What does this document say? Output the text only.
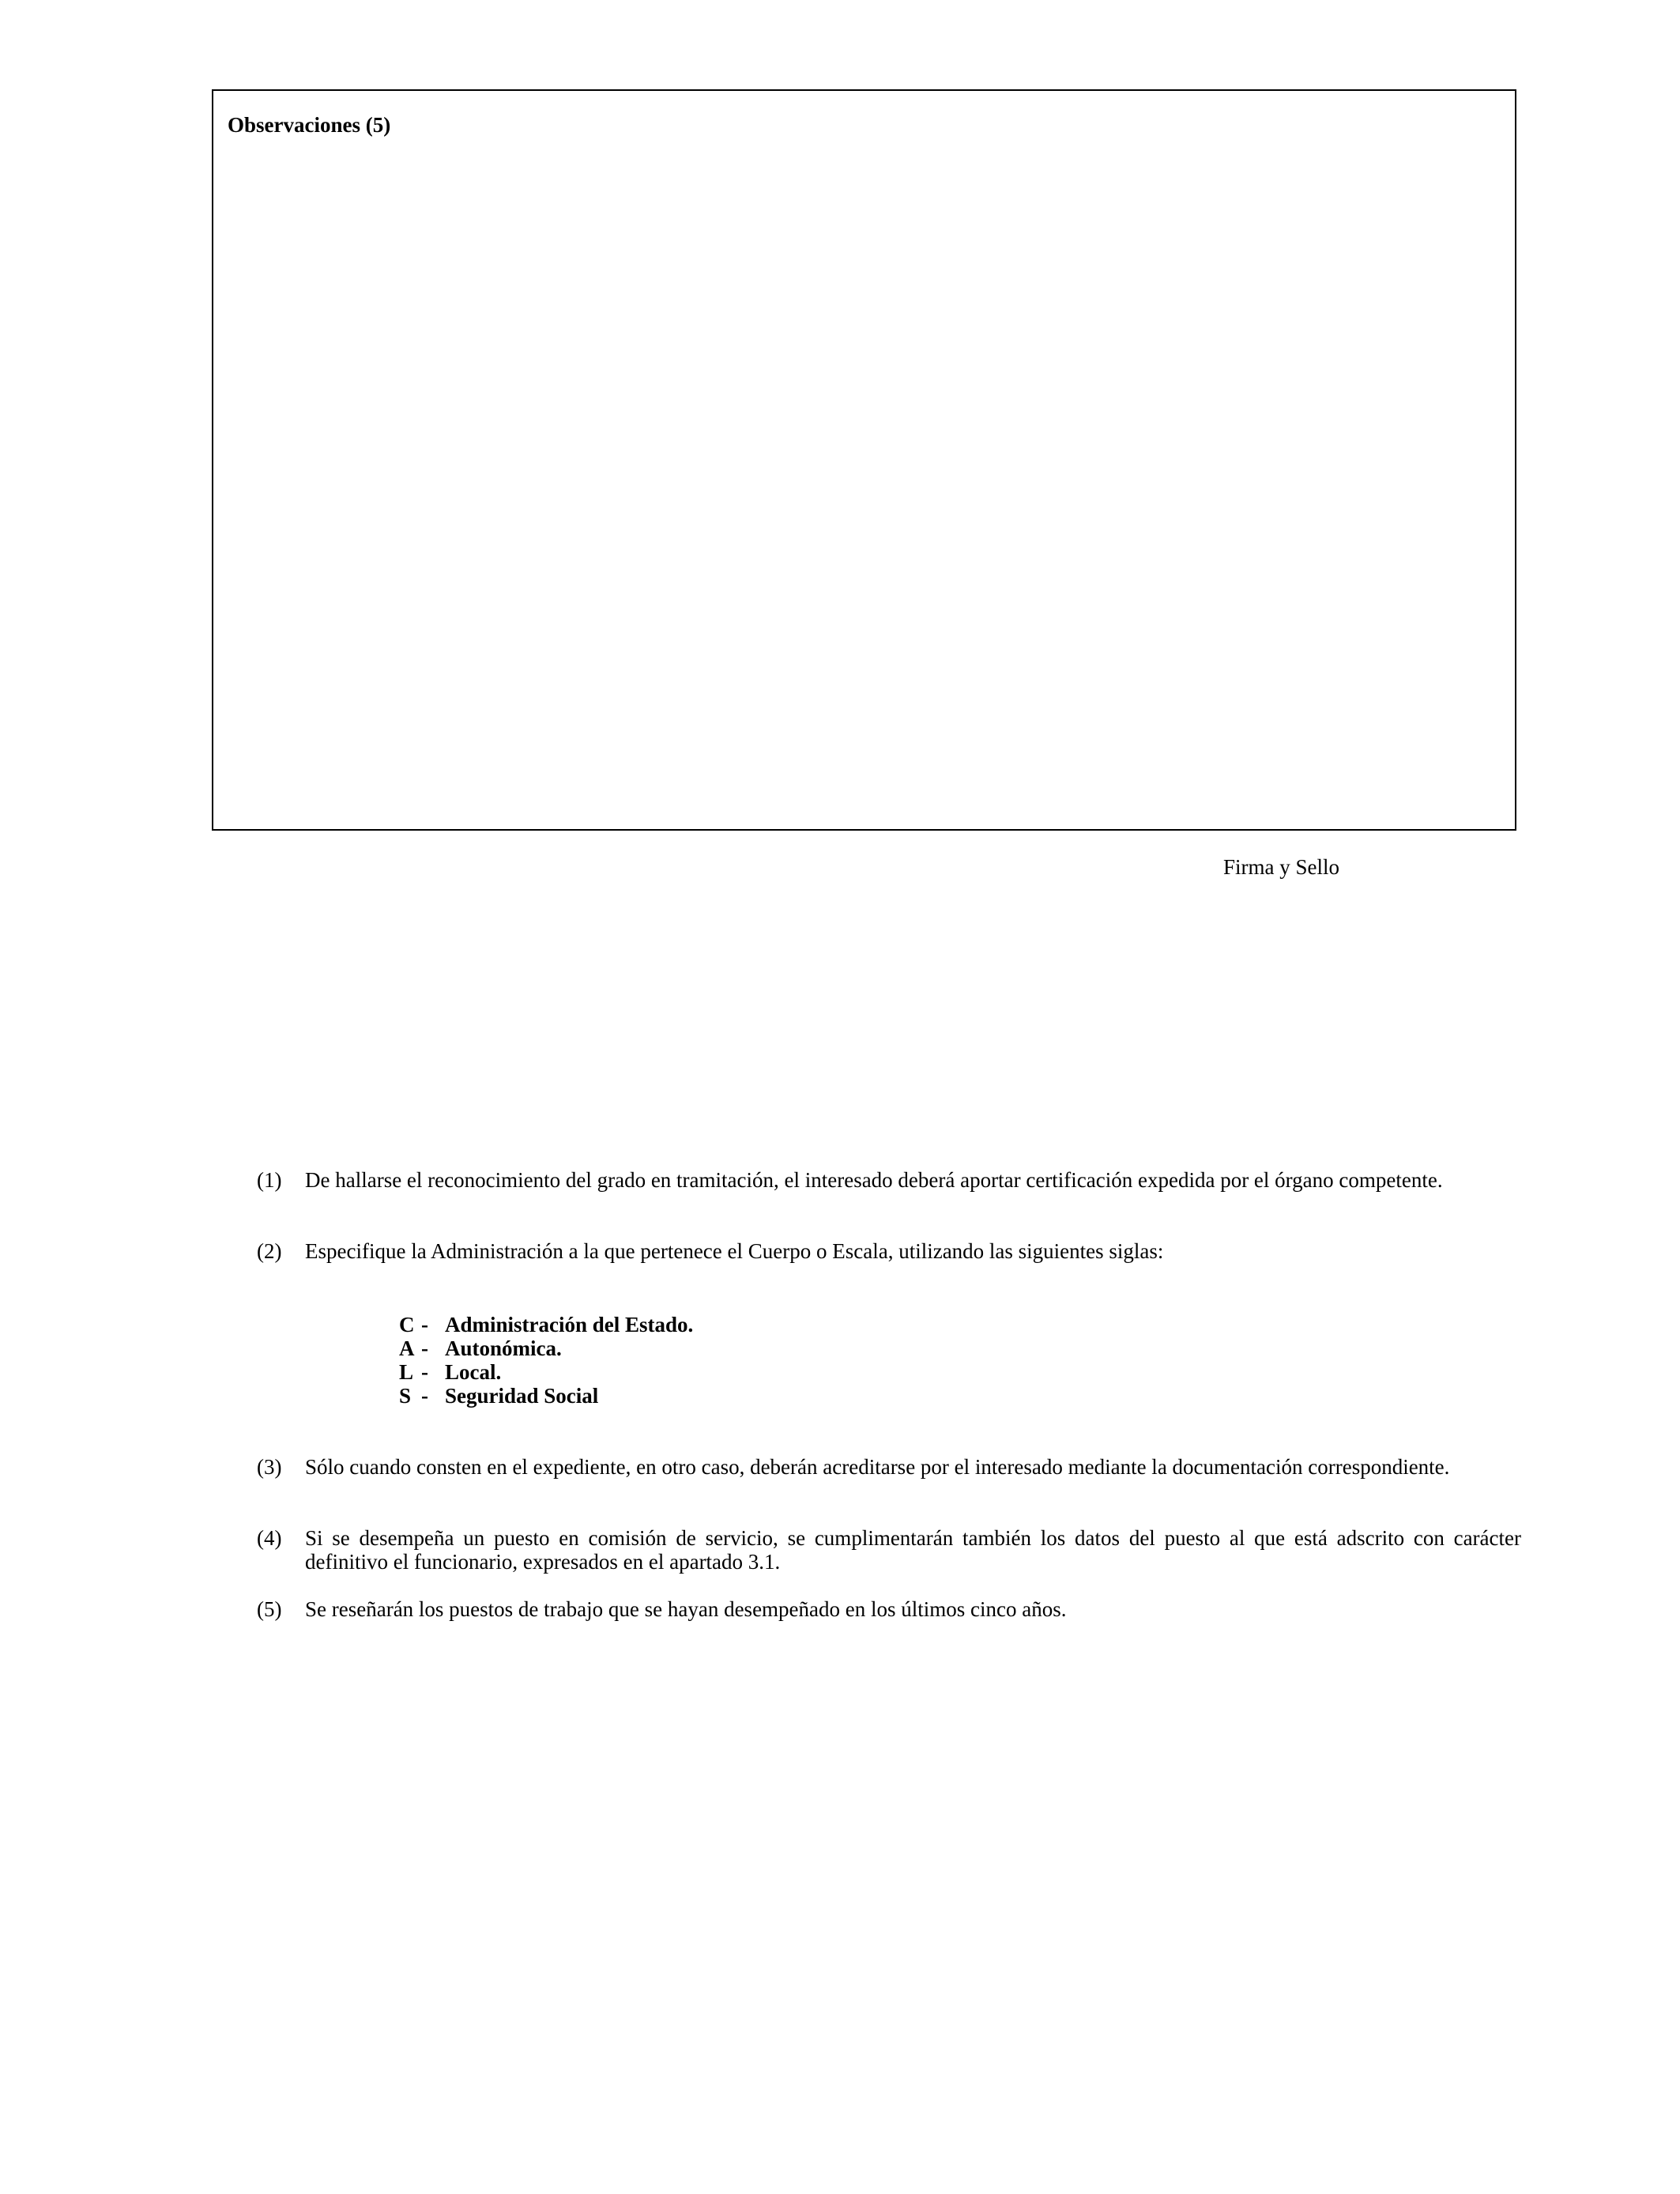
Observaciones (5)
Firma y Sello
(1) De hallarse el reconocimiento del grado en tramitación, el interesado deberá aportar certificación expedida por el órgano competente.
(2) Especifique la Administración a la que pertenece el Cuerpo o Escala, utilizando las siguientes siglas:
C - Administración del Estado.
A - Autonómica.
L - Local.
S - Seguridad Social
(3) Sólo cuando consten en el expediente, en otro caso, deberán acreditarse por el interesado mediante la documentación correspondiente.
(4) Si se desempeña un puesto en comisión de servicio, se cumplimentarán también los datos del puesto al que está adscrito con carácter definitivo el funcionario, expresados en el apartado 3.1.
(5) Se reseñarán los puestos de trabajo que se hayan desempeñado en los últimos cinco años.
